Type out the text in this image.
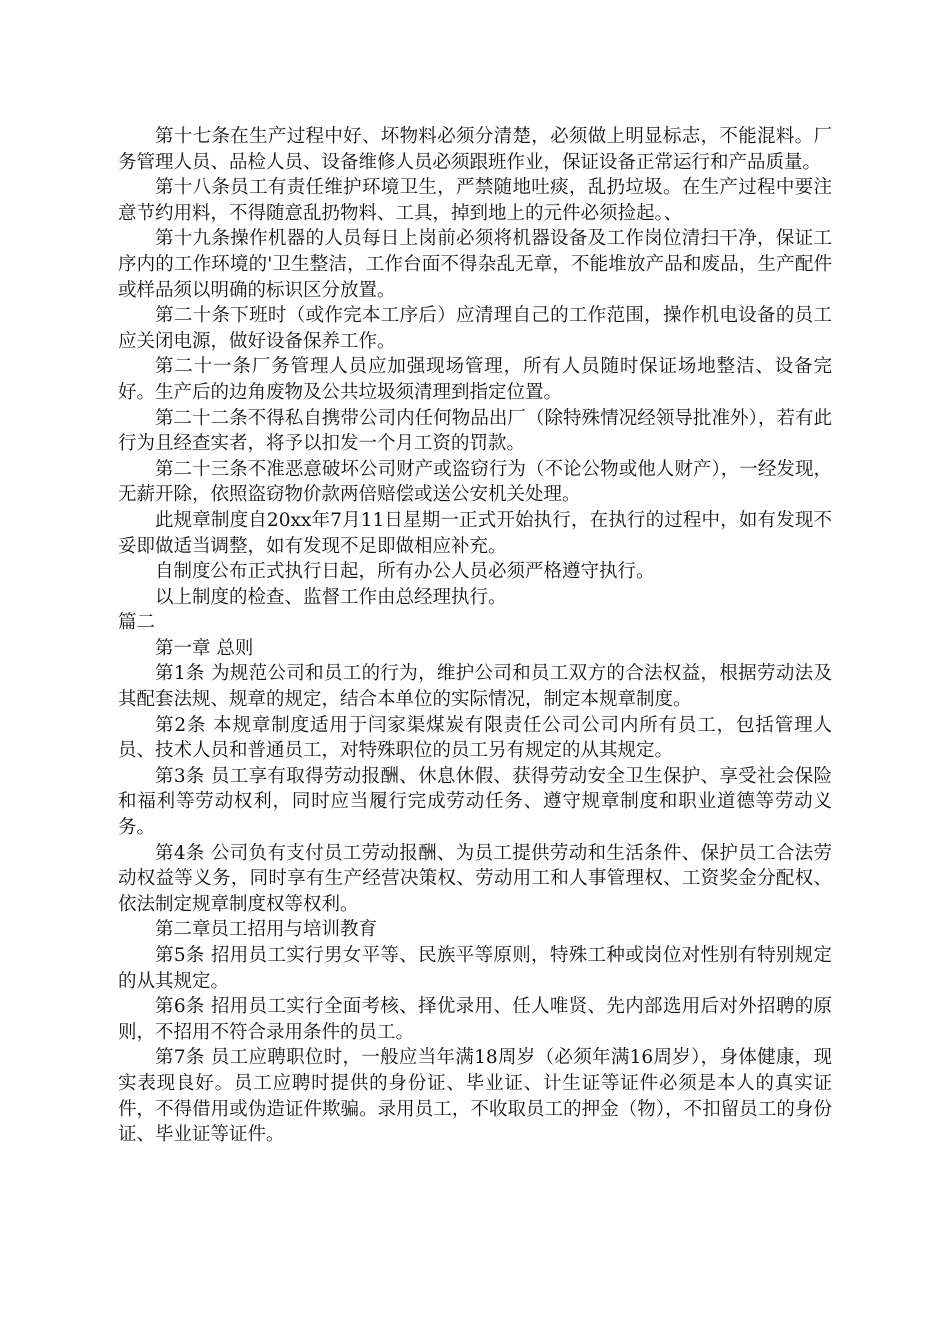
第十七条在生产过程中好、坏物料必须分清楚，必须做上明显标志，不能混料。厂务管理人员、品检人员、设备维修人员必须跟班作业，保证设备正常运行和产品质量。

第十八条员工有责任维护环境卫生，严禁随地吐痰，乱扔垃圾。在生产过程中要注意节约用料，不得随意乱扔物料、工具，掉到地上的元件必须捡起。、

第十九条操作机器的人员每日上岗前必须将机器设备及工作岗位清扫干净，保证工序内的工作环境的'卫生整洁，工作台面不得杂乱无章，不能堆放产品和废品，生产配件或样品须以明确的标识区分放置。

第二十条下班时（或作完本工序后）应清理自己的工作范围，操作机电设备的员工应关闭电源，做好设备保养工作。

第二十一条厂务管理人员应加强现场管理，所有人员随时保证场地整洁、设备完好。生产后的边角废物及公共垃圾须清理到指定位置。

第二十二条不得私自携带公司内任何物品出厂（除特殊情况经领导批准外），若有此行为且经查实者，将予以扣发一个月工资的罚款。

第二十三条不准恶意破坏公司财产或盗窃行为（不论公物或他人财产），一经发现，无薪开除，依照盗窃物价款两倍赔偿或送公安机关处理。

此规章制度自20xx年7月11日星期一正式开始执行，在执行的过程中，如有发现不妥即做适当调整，如有发现不足即做相应补充。

自制度公布正式执行日起，所有办公人员必须严格遵守执行。

以上制度的检查、监督工作由总经理执行。

篇二

第一章 总则

第1条 为规范公司和员工的行为，维护公司和员工双方的合法权益，根据劳动法及其配套法规、规章的规定，结合本单位的实际情况，制定本规章制度。

第2条 本规章制度适用于闫家渠煤炭有限责任公司公司内所有员工，包括管理人员、技术人员和普通员工，对特殊职位的员工另有规定的从其规定。

第3条 员工享有取得劳动报酬、休息休假、获得劳动安全卫生保护、享受社会保险和福利等劳动权利，同时应当履行完成劳动任务、遵守规章制度和职业道德等劳动义务。

第4条 公司负有支付员工劳动报酬、为员工提供劳动和生活条件、保护员工合法劳动权益等义务，同时享有生产经营决策权、劳动用工和人事管理权、工资奖金分配权、依法制定规章制度权等权利。

第二章员工招用与培训教育

第5条 招用员工实行男女平等、民族平等原则，特殊工种或岗位对性别有特别规定的从其规定。

第6条 招用员工实行全面考核、择优录用、任人唯贤、先内部选用后对外招聘的原则，不招用不符合录用条件的员工。

第7条 员工应聘职位时，一般应当年满18周岁（必须年满16周岁），身体健康，现实表现良好。员工应聘时提供的身份证、毕业证、计生证等证件必须是本人的真实证件，不得借用或伪造证件欺骗。录用员工，不收取员工的押金（物），不扣留员工的身份证、毕业证等证件。
